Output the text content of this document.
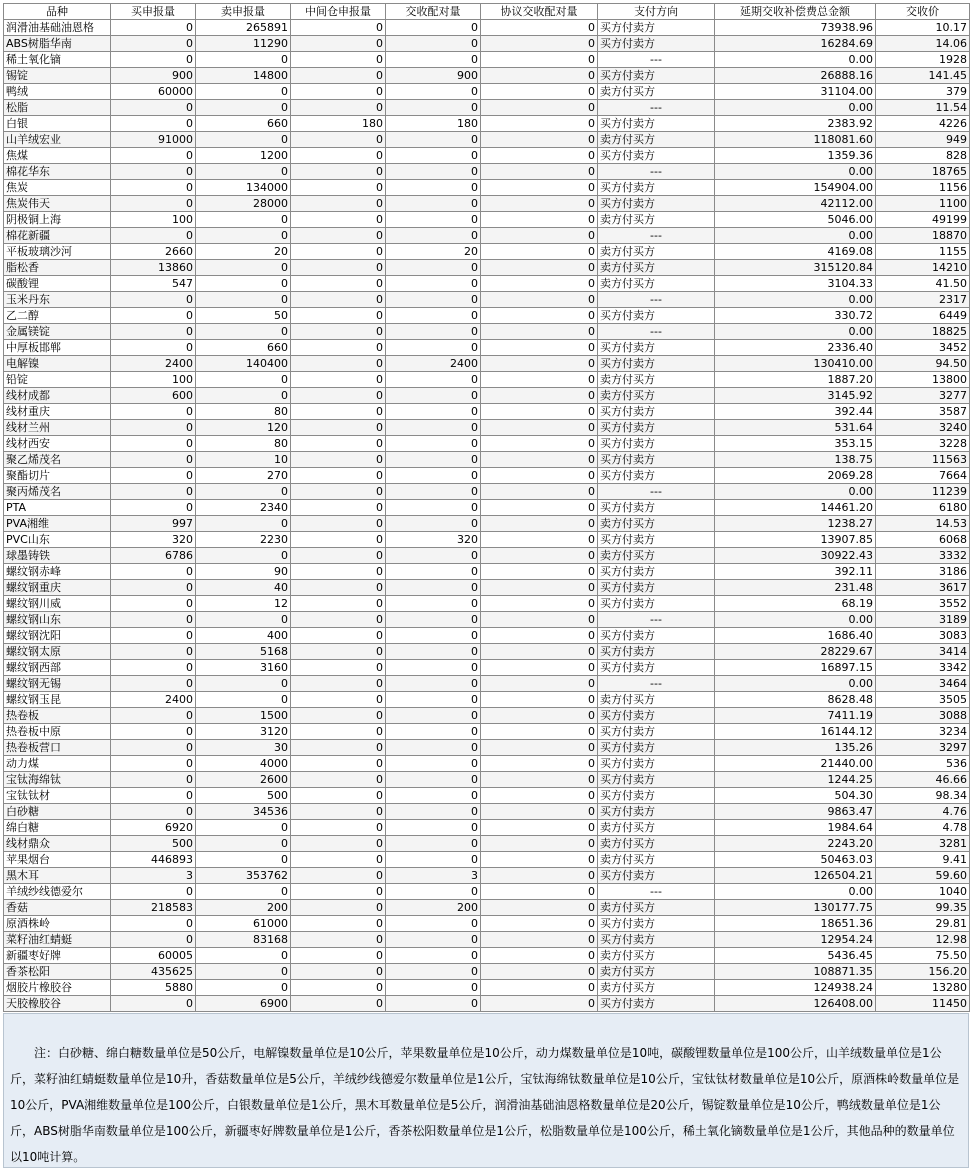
品种	买申报量	卖申报量	中间仓申报量	交收配对量	协议交收配对量	支付方向	延期交收补偿费总金额	交收价
润滑油基础油恩格	0	265891	0	0	0	买方付卖方	73938.96	10.17
ABS树脂华南	0	11290	0	0	0	买方付卖方	16284.69	14.06
稀土氧化镝	0	0	0	0	0	---	0.00	1928
锡锭	900	14800	0	900	0	买方付卖方	26888.16	141.45
鸭绒	60000	0	0	0	0	卖方付买方	31104.00	379
松脂	0	0	0	0	0	---	0.00	11.54
白银	0	660	180	180	0	买方付卖方	2383.92	4226
山羊绒宏业	91000	0	0	0	0	卖方付买方	118081.60	949
焦煤	0	1200	0	0	0	买方付卖方	1359.36	828
棉花华东	0	0	0	0	0	---	0.00	18765
焦炭	0	134000	0	0	0	买方付卖方	154904.00	1156
焦炭伟天	0	28000	0	0	0	买方付卖方	42112.00	1100
阴极铜上海	100	0	0	0	0	卖方付买方	5046.00	49199
棉花新疆	0	0	0	0	0	---	0.00	18870
平板玻璃沙河	2660	20	0	20	0	卖方付买方	4169.08	1155
脂松香	13860	0	0	0	0	卖方付买方	315120.84	14210
碳酸锂	547	0	0	0	0	卖方付买方	3104.33	41.50
玉米丹东	0	0	0	0	0	---	0.00	2317
乙二醇	0	50	0	0	0	买方付卖方	330.72	6449
金属镁锭	0	0	0	0	0	---	0.00	18825
中厚板邯郸	0	660	0	0	0	买方付卖方	2336.40	3452
电解镍	2400	140400	0	2400	0	买方付卖方	130410.00	94.50
铅锭	100	0	0	0	0	卖方付买方	1887.20	13800
线材成都	600	0	0	0	0	卖方付买方	3145.92	3277
线材重庆	0	80	0	0	0	买方付卖方	392.44	3587
线材兰州	0	120	0	0	0	买方付卖方	531.64	3240
线材西安	0	80	0	0	0	买方付卖方	353.15	3228
聚乙烯茂名	0	10	0	0	0	买方付卖方	138.75	11563
聚酯切片	0	270	0	0	0	买方付卖方	2069.28	7664
聚丙烯茂名	0	0	0	0	0	---	0.00	11239
PTA	0	2340	0	0	0	买方付卖方	14461.20	6180
PVA湘维	997	0	0	0	0	卖方付买方	1238.27	14.53
PVC山东	320	2230	0	320	0	买方付卖方	13907.85	6068
球墨铸铁	6786	0	0	0	0	卖方付买方	30922.43	3332
螺纹钢赤峰	0	90	0	0	0	买方付卖方	392.11	3186
螺纹钢重庆	0	40	0	0	0	买方付卖方	231.48	3617
螺纹钢川威	0	12	0	0	0	买方付卖方	68.19	3552
螺纹钢山东	0	0	0	0	0	---	0.00	3189
螺纹钢沈阳	0	400	0	0	0	买方付卖方	1686.40	3083
螺纹钢太原	0	5168	0	0	0	买方付卖方	28229.67	3414
螺纹钢西部	0	3160	0	0	0	买方付卖方	16897.15	3342
螺纹钢无锡	0	0	0	0	0	---	0.00	3464
螺纹钢玉昆	2400	0	0	0	0	卖方付买方	8628.48	3505
热卷板	0	1500	0	0	0	买方付卖方	7411.19	3088
热卷板中原	0	3120	0	0	0	买方付卖方	16144.12	3234
热卷板营口	0	30	0	0	0	买方付卖方	135.26	3297
动力煤	0	4000	0	0	0	买方付卖方	21440.00	536
宝钛海绵钛	0	2600	0	0	0	买方付卖方	1244.25	46.66
宝钛钛材	0	500	0	0	0	买方付卖方	504.30	98.34
白砂糖	0	34536	0	0	0	买方付卖方	9863.47	4.76
绵白糖	6920	0	0	0	0	卖方付买方	1984.64	4.78
线材鼎众	500	0	0	0	0	卖方付买方	2243.20	3281
苹果烟台	446893	0	0	0	0	卖方付买方	50463.03	9.41
黑木耳	3	353762	0	3	0	买方付卖方	126504.21	59.60
羊绒纱线德爱尔	0	0	0	0	0	---	0.00	1040
香菇	218583	200	0	200	0	卖方付买方	130177.75	99.35
原酒株岭	0	61000	0	0	0	买方付卖方	18651.36	29.81
菜籽油红蜻蜓	0	83168	0	0	0	买方付卖方	12954.24	12.98
新疆枣好牌	60005	0	0	0	0	卖方付买方	5436.45	75.50
香茶松阳	435625	0	0	0	0	卖方付买方	108871.35	156.20
烟胶片橡胶谷	5880	0	0	0	0	卖方付买方	124938.24	13280
天胶橡胶谷	0	6900	0	0	0	买方付卖方	126408.00	11450
注：白砂糖、绵白糖数量单位是50公斤，电解镍数量单位是10公斤，苹果数量单位是10公斤，动力煤数量单位是10吨，碳酸锂数量单位是100公斤，山羊绒数量单位是1公斤，菜籽油红蜻蜓数量单位是10升，香菇数量单位是5公斤，羊绒纱线德爱尔数量单位是1公斤，宝钛海绵钛数量单位是10公斤，宝钛钛材数量单位是10公斤，原酒株岭数量单位是10公斤，PVA湘维数量单位是100公斤，白银数量单位是1公斤，黑木耳数量单位是5公斤，润滑油基础油恩格数量单位是20公斤，锡锭数量单位是10公斤，鸭绒数量单位是1公斤，ABS树脂华南数量单位是100公斤，新疆枣好牌数量单位是1公斤，香茶松阳数量单位是1公斤，松脂数量单位是100公斤，稀土氧化镝数量单位是1公斤，其他品种的数量单位以10吨计算。
